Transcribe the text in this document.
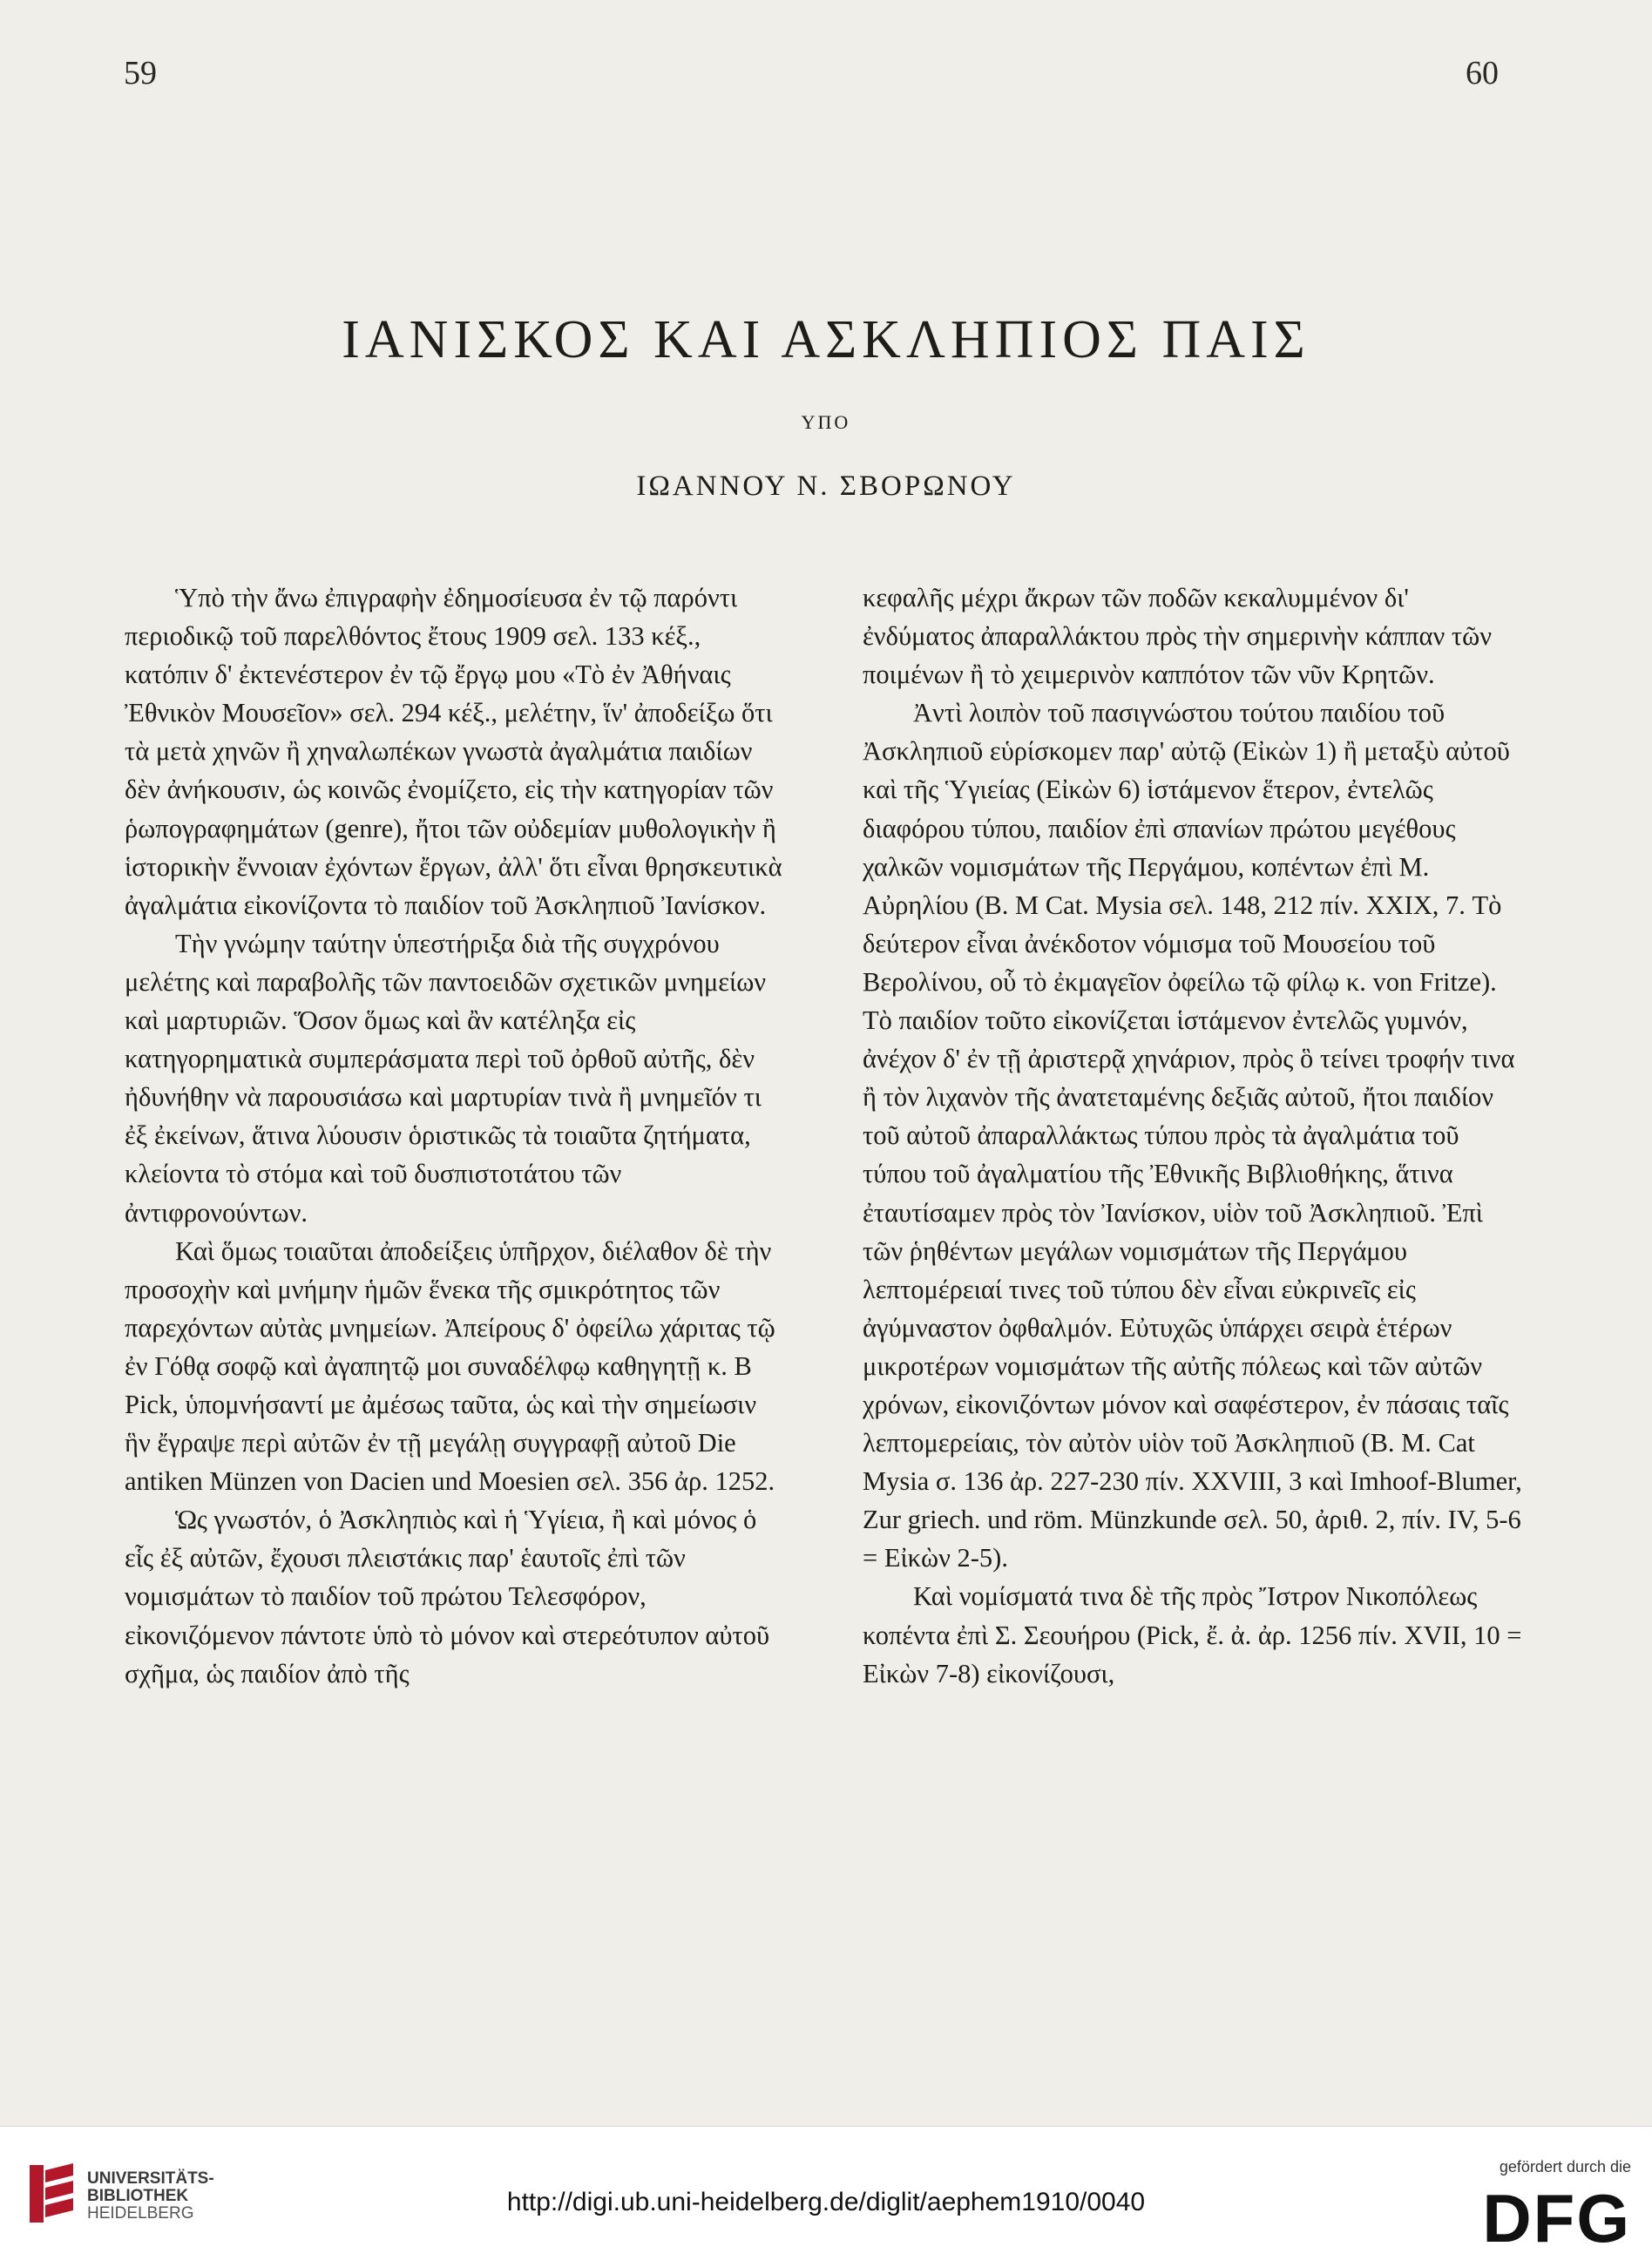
59	60
ΙΑΝΙΣΚΟΣ ΚΑΙ ΑΣΚΛΗΠΙΟΣ ΠΑΙΣ
ΥΠΟ
ΙΩΑΝΝΟΥ Ν. ΣΒΟΡΩΝΟΥ

Ὑπὸ τὴν ἄνω ἐπιγραφὴν ἐδημοσίευσα ἐν τῷ παρόντι περιοδικῷ τοῦ παρελθόντος ἔτους 1909 σελ. 133 κέξ., κατόπιν δ' ἐκτενέστερον ἐν τῷ ἔργῳ μου «Τὸ ἐν Ἀθήναις Ἐθνικὸν Μουσεῖον» σελ. 294 κέξ., μελέτην, ἵν' ἀποδείξω ὅτι τὰ μετὰ χηνῶν ἢ χηναλωπέκων γνωστὰ ἀγαλμάτια παιδίων δὲν ἀνήκουσιν, ὡς κοινῶς ἐνομίζετο, εἰς τὴν κατηγορίαν τῶν ῥωπογραφημάτων (genre), ἤτοι τῶν οὐδεμίαν μυθολογικὴν ἢ ἱστορικὴν ἔννοιαν ἐχόντων ἔργων, ἀλλ' ὅτι εἶναι θρησκευτικὰ ἀγαλμάτια εἰκονίζοντα τὸ παιδίον τοῦ Ἀσκληπιοῦ Ἰανίσκον.

Τὴν γνώμην ταύτην ὑπεστήριξα διὰ τῆς συγχρόνου μελέτης καὶ παραβολῆς τῶν παντοειδῶν σχετικῶν μνημείων καὶ μαρτυριῶν. Ὅσον ὅμως καὶ ἂν κατέληξα εἰς κατηγορηματικὰ συμπεράσματα περὶ τοῦ ὀρθοῦ αὐτῆς, δὲν ἠδυνήθην νὰ παρουσιάσω καὶ μαρτυρίαν τινὰ ἢ μνημεῖόν τι ἐξ ἐκείνων, ἅτινα λύουσιν ὁριστικῶς τὰ τοιαῦτα ζητήματα, κλείοντα τὸ στόμα καὶ τοῦ δυσπιστοτάτου τῶν ἀντιφρονούντων.

Καὶ ὅμως τοιαῦται ἀποδείξεις ὑπῆρχον, διέλαθον δὲ τὴν προσοχὴν καὶ μνήμην ἡμῶν ἕνεκα τῆς σμικρότητος τῶν παρεχόντων αὐτὰς μνημείων. Ἀπείρους δ' ὀφείλω χάριτας τῷ ἐν Γόθᾳ σοφῷ καὶ ἀγαπητῷ μοι συναδέλφῳ καθηγητῇ κ. B Pick, ὑπομνήσαντί με ἀμέσως ταῦτα, ὡς καὶ τὴν σημείωσιν ἣν ἔγραψε περὶ αὐτῶν ἐν τῇ μεγάλῃ συγγραφῇ αὐτοῦ Die antiken Münzen von Dacien und Moesien σελ. 356 ἀρ. 1252.

Ὡς γνωστόν, ὁ Ἀσκληπιὸς καὶ ἡ Ὑγίεια, ἢ καὶ μόνος ὁ εἷς ἐξ αὐτῶν, ἔχουσι πλειστάκις παρ' ἑαυτοῖς ἐπὶ τῶν νομισμάτων τὸ παιδίον τοῦ πρώτου Τελεσφόρον, εἰκονιζόμενον πάντοτε ὑπὸ τὸ μόνον καὶ στερεότυπον αὐτοῦ σχῆμα, ὡς παιδίον ἀπὸ τῆς

κεφαλῆς μέχρι ἄκρων τῶν ποδῶν κεκαλυμμένον δι' ἐνδύματος ἀπαραλλάκτου πρὸς τὴν σημερινὴν κάππαν τῶν ποιμένων ἢ τὸ χειμερινὸν καππότον τῶν νῦν Κρητῶν.

Ἀντὶ λοιπὸν τοῦ πασιγνώστου τούτου παιδίου τοῦ Ἀσκληπιοῦ εὑρίσκομεν παρ' αὐτῷ (Εἰκὼν 1) ἢ μεταξὺ αὐτοῦ καὶ τῆς Ὑγιείας (Εἰκὼν 6) ἱστάμενον ἕτερον, ἐντελῶς διαφόρου τύπου, παιδίον ἐπὶ σπανίων πρώτου μεγέθους χαλκῶν νομισμάτων τῆς Περγάμου, κοπέντων ἐπὶ Μ. Αὐρηλίου (B. M Cat. Mysia σελ. 148, 212 πίν. XXIX, 7. Τὸ δεύτερον εἶναι ἀνέκδοτον νόμισμα τοῦ Μουσείου τοῦ Βερολίνου, οὗ τὸ ἐκμαγεῖον ὀφείλω τῷ φίλῳ κ. von Fritze). Τὸ παιδίον τοῦτο εἰκονίζεται ἱστάμενον ἐντελῶς γυμνόν, ἀνέχον δ' ἐν τῇ ἀριστερᾷ χηνάριον, πρὸς ὃ τείνει τροφήν τινα ἢ τὸν λιχανὸν τῆς ἀνατεταμένης δεξιᾶς αὐτοῦ, ἤτοι παιδίον τοῦ αὐτοῦ ἀπαραλλάκτως τύπου πρὸς τὰ ἀγαλμάτια τοῦ τύπου τοῦ ἀγαλματίου τῆς Ἐθνικῆς Βιβλιοθήκης, ἅτινα ἐταυτίσαμεν πρὸς τὸν Ἰανίσκον, υἱὸν τοῦ Ἀσκληπιοῦ. Ἐπὶ τῶν ῥηθέντων μεγάλων νομισμάτων τῆς Περγάμου λεπτομέρειαί τινες τοῦ τύπου δὲν εἶναι εὐκρινεῖς εἰς ἀγύμναστον ὀφθαλμόν. Εὐτυχῶς ὑπάρχει σειρὰ ἑτέρων μικροτέρων νομισμάτων τῆς αὐτῆς πόλεως καὶ τῶν αὐτῶν χρόνων, εἰκονιζόντων μόνον καὶ σαφέστερον, ἐν πάσαις ταῖς λεπτομερείαις, τὸν αὐτὸν υἱὸν τοῦ Ἀσκληπιοῦ (B. M. Cat Mysia σ. 136 ἀρ. 227-230 πίν. XXVIII, 3 καὶ Imhoof-Blumer, Zur griech. und röm. Münzkunde σελ. 50, ἀριθ. 2, πίν. IV, 5-6 = Εἰκὼν 2-5).

Καὶ νομίσματά τινα δὲ τῆς πρὸς Ἴστρον Νικοπόλεως κοπέντα ἐπὶ Σ. Σεουήρου (Pick, ἔ. ἀ. ἀρ. 1256 πίν. XVII, 10 = Εἰκὼν 7-8) εἰκονίζουσι,

UNIVERSITÄTS-
BIBLIOTHEK
HEIDELBERG	http://digi.ub.uni-heidelberg.de/diglit/aephem1910/0040
gefördert durch die
DFG
